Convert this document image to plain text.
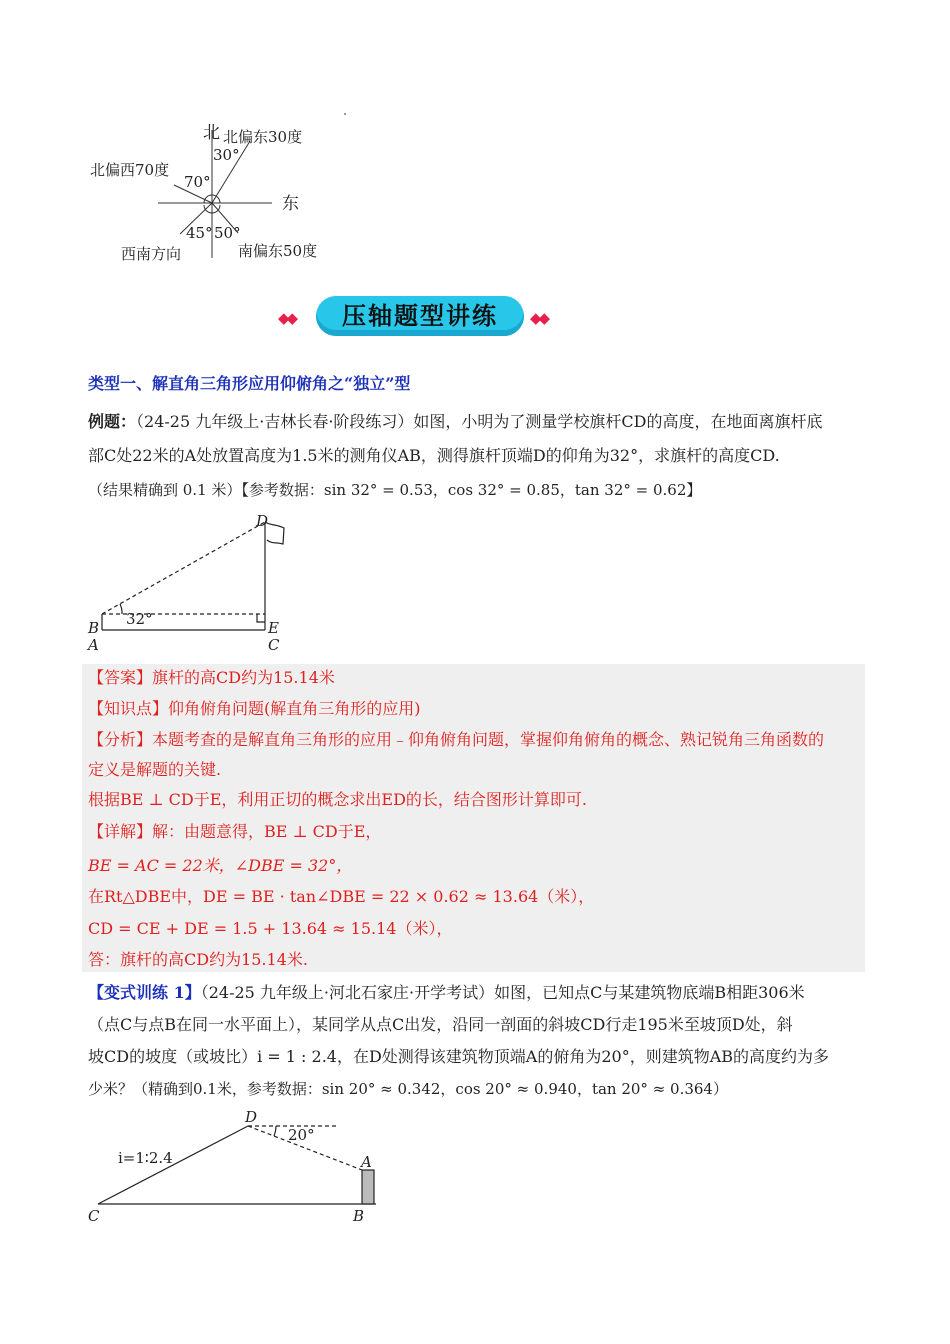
北 北偏东30度
北偏西70度
30°
70°
东
45° 50°
西南方向	南偏东50度
◆◆	压轴题型讲练	◆◆
类型一、解直角三角形应用仰俯角之“独立”型
例题：（24-25 九年级上·吉林长春·阶段练习）如图，小明为了测量学校旗杆CD的高度，在地面离旗杆底
部C处22米的A处放置高度为1.5米的测角仪AB，测得旗杆顶端D的仰角为32°，求旗杆的高度CD.
（结果精确到 0.1 米）【参考数据：sin 32° = 0.53，cos 32° = 0.85，tan 32° = 0.62】
D
B
A
E
C
32°
【答案】旗杆的高CD约为15.14米
【知识点】仰角俯角问题(解直角三角形的应用)
【分析】本题考查的是解直角三角形的应用﹣仰角俯角问题，掌握仰角俯角的概念、熟记锐角三角函数的
定义是解题的关键.
根据BE ⊥ CD于E，利用正切的概念求出ED的长，结合图形计算即可.
【详解】解：由题意得，BE ⊥ CD于E，
BE = AC = 22米，∠DBE = 32°，
在Rt△DBE中，DE = BE · tan∠DBE = 22 × 0.62 ≈ 13.64（米），
CD = CE + DE = 1.5 + 13.64 ≈ 15.14（米），
答：旗杆的高CD约为15.14米.
【变式训练 1】（24-25 九年级上·河北石家庄·开学考试）如图，已知点C与某建筑物底端B相距306米
（点C与点B在同一水平面上），某同学从点C出发，沿同一剖面的斜坡CD行走195米至坡顶D处，斜
坡CD的坡度（或坡比）i = 1 : 2.4，在D处测得该建筑物顶端A的俯角为20°，则建筑物AB的高度约为多
少米？（精确到0.1米，参考数据：sin 20° ≈ 0.342，cos 20° ≈ 0.940，tan 20° ≈ 0.364）
D
A
C	B
i=1∶2.4
20°
